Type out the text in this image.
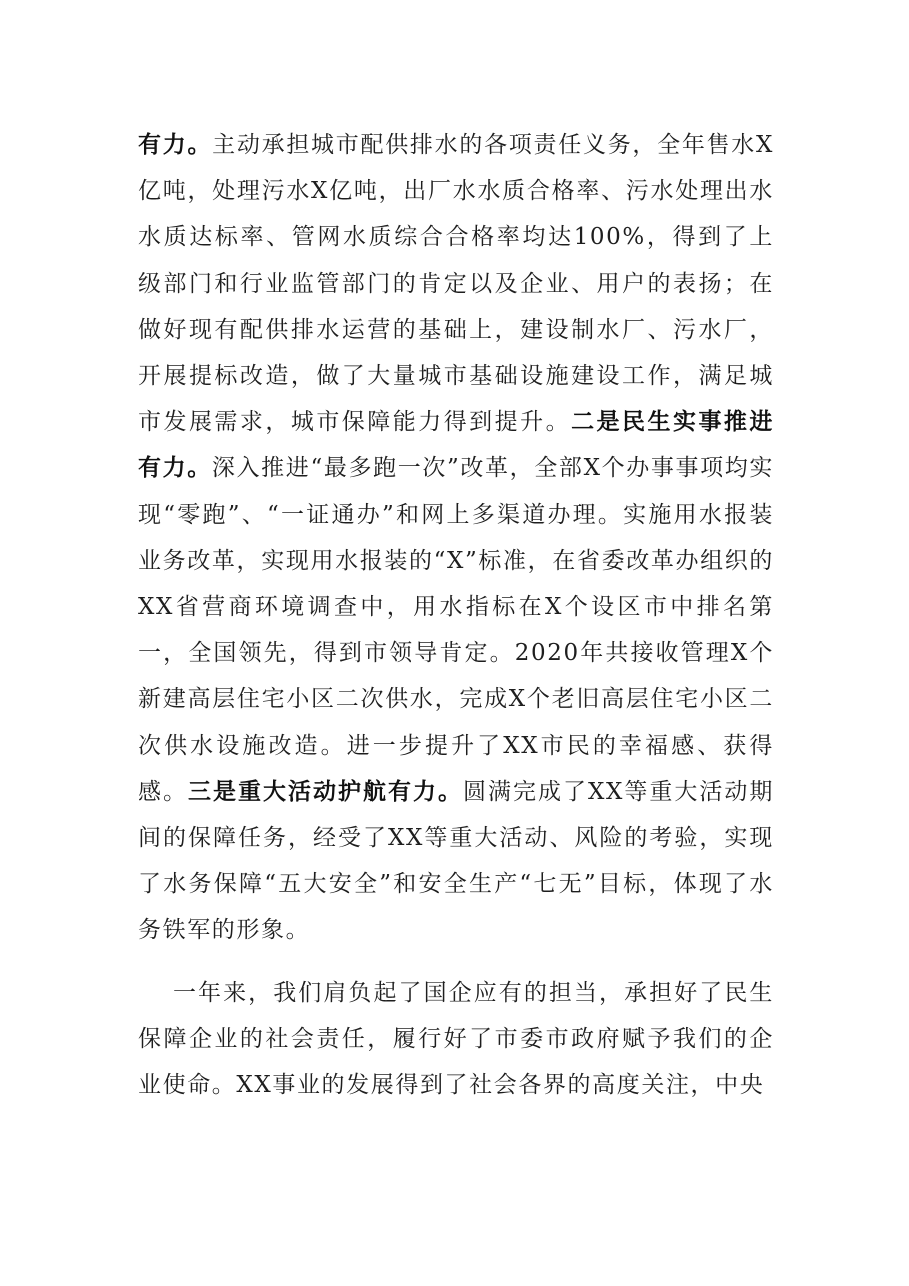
有力。主动承担城市配供排水的各项责任义务，全年售水X亿吨，处理污水X亿吨，出厂水水质合格率、污水处理出水水质达标率、管网水质综合合格率均达100%，得到了上级部门和行业监管部门的肯定以及企业、用户的表扬；在做好现有配供排水运营的基础上，建设制水厂、污水厂，开展提标改造，做了大量城市基础设施建设工作，满足城市发展需求，城市保障能力得到提升。二是民生实事推进有力。深入推进“最多跑一次”改革，全部X个办事事项均实现“零跑”、“一证通办”和网上多渠道办理。实施用水报装业务改革，实现用水报装的“X”标准，在省委改革办组织的XX省营商环境调查中，用水指标在X个设区市中排名第一，全国领先，得到市领导肯定。2020年共接收管理X个新建高层住宅小区二次供水，完成X个老旧高层住宅小区二次供水设施改造。进一步提升了XX市民的幸福感、获得感。三是重大活动护航有力。圆满完成了XX等重大活动期间的保障任务，经受了XX等重大活动、风险的考验，实现了水务保障“五大安全”和安全生产“七无”目标，体现了水务铁军的形象。

一年来，我们肩负起了国企应有的担当，承担好了民生保障企业的社会责任，履行好了市委市政府赋予我们的企业使命。XX事业的发展得到了社会各界的高度关注，中央
